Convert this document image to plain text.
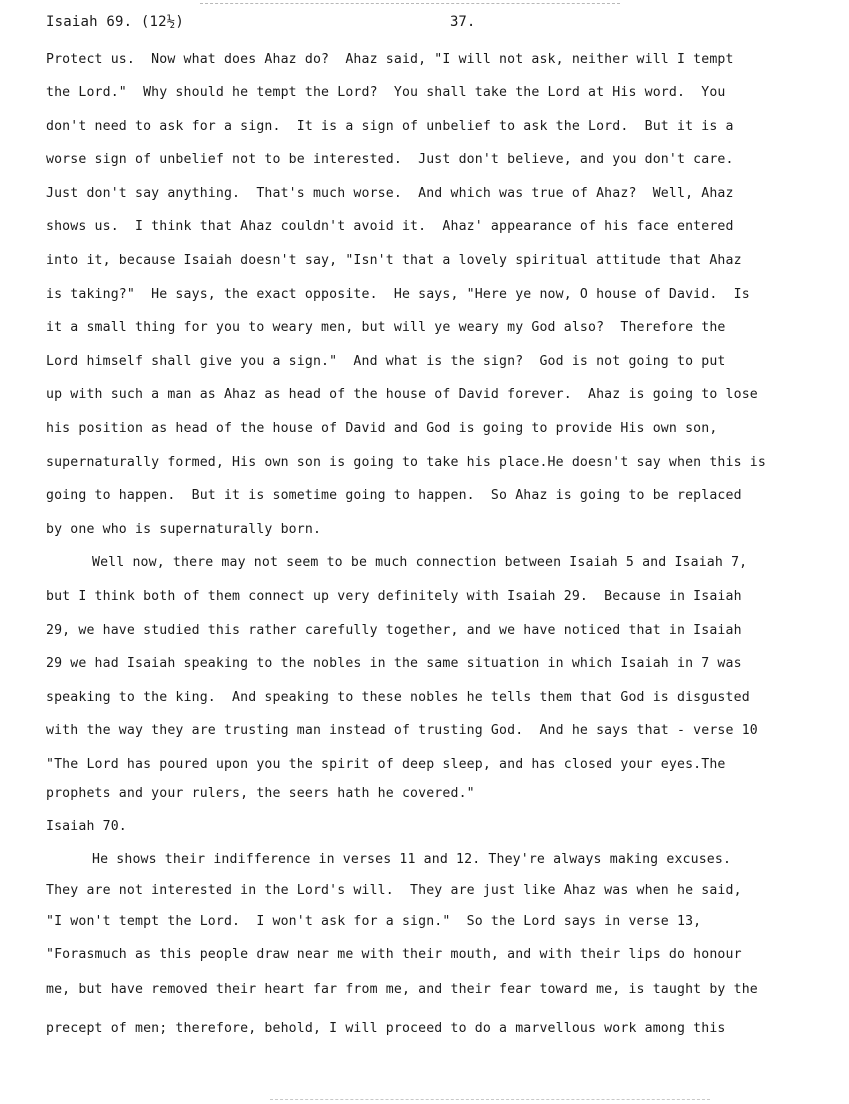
Isaiah 69. (12½)	37.
Protect us.  Now what does Ahaz do?  Ahaz said, "I will not ask, neither will I tempt
the Lord."  Why should he tempt the Lord?  You shall take the Lord at His word.  You
don't need to ask for a sign.  It is a sign of unbelief to ask the Lord.  But it is a
worse sign of unbelief not to be interested.  Just don't believe, and you don't care.
Just don't say anything.  That's much worse.  And which was true of Ahaz?  Well, Ahaz
shows us.  I think that Ahaz couldn't avoid it.  Ahaz' appearance of his face entered
into it, because Isaiah doesn't say, "Isn't that a lovely spiritual attitude that Ahaz
is taking?"  He says, the exact opposite.  He says, "Here ye now, O house of David.  Is
it a small thing for you to weary men, but will ye weary my God also?  Therefore the
Lord himself shall give you a sign."  And what is the sign?  God is not going to put
up with such a man as Ahaz as head of the house of David forever.  Ahaz is going to lose
his position as head of the house of David and God is going to provide His own son,
supernaturally formed, His own son is going to take his place.He doesn't say when this is
going to happen.  But it is sometime going to happen.  So Ahaz is going to be replaced
by one who is supernaturally born.
Well now, there may not seem to be much connection between Isaiah 5 and Isaiah 7,
but I think both of them connect up very definitely with Isaiah 29.  Because in Isaiah
29, we have studied this rather carefully together, and we have noticed that in Isaiah
29 we had Isaiah speaking to the nobles in the same situation in which Isaiah in 7 was
speaking to the king.  And speaking to these nobles he tells them that God is disgusted
with the way they are trusting man instead of trusting God.  And he says that - verse 10
"The Lord has poured upon you the spirit of deep sleep, and has closed your eyes.The
prophets and your rulers, the seers hath he covered."
Isaiah 70.
He shows their indifference in verses 11 and 12. They're always making excuses.
They are not interested in the Lord's will.  They are just like Ahaz was when he said,
"I won't tempt the Lord.  I won't ask for a sign."  So the Lord says in verse 13,
"Forasmuch as this people draw near me with their mouth, and with their lips do honour
me, but have removed their heart far from me, and their fear toward me, is taught by the
precept of men; therefore, behold, I will proceed to do a marvellous work among this
